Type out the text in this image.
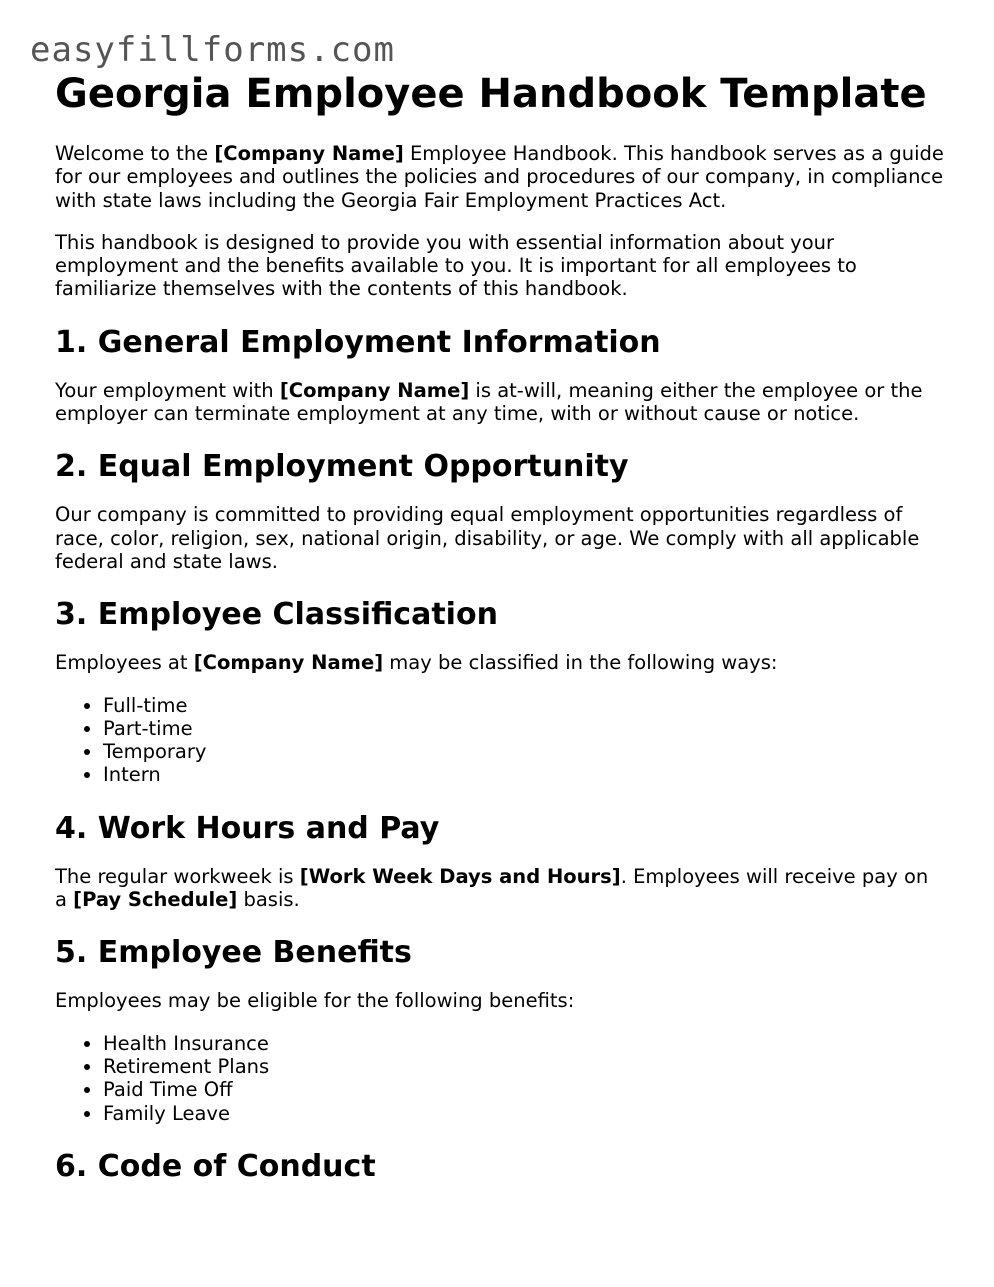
easyfillforms.com
Georgia Employee Handbook Template

Welcome to the [Company Name] Employee Handbook. This handbook serves as a guide for our employees and outlines the policies and procedures of our company, in compliance with state laws including the Georgia Fair Employment Practices Act.

This handbook is designed to provide you with essential information about your employment and the benefits available to you. It is important for all employees to familiarize themselves with the contents of this handbook.

1. General Employment Information

Your employment with [Company Name] is at-will, meaning either the employee or the employer can terminate employment at any time, with or without cause or notice.

2. Equal Employment Opportunity

Our company is committed to providing equal employment opportunities regardless of race, color, religion, sex, national origin, disability, or age. We comply with all applicable federal and state laws.

3. Employee Classification

Employees at [Company Name] may be classified in the following ways:

• Full-time
• Part-time
• Temporary
• Intern
4. Work Hours and Pay

The regular workweek is [Work Week Days and Hours]. Employees will receive pay on a [Pay Schedule] basis.

5. Employee Benefits

Employees may be eligible for the following benefits:

• Health Insurance
• Retirement Plans
• Paid Time Off
• Family Leave
6. Code of Conduct
